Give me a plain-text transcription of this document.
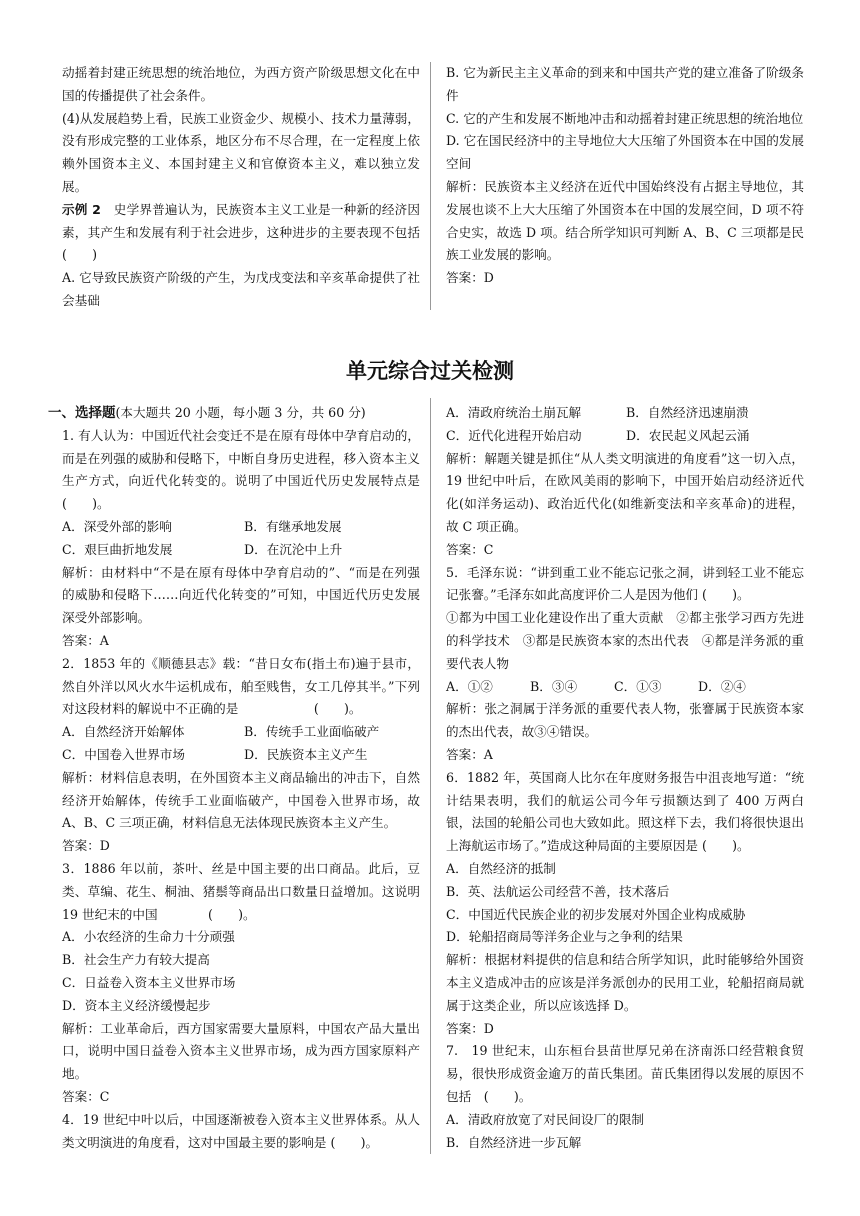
动摇着封建正统思想的统治地位，为西方资产阶级思想文化在中国的传播提供了社会条件。

(4)从发展趋势上看，民族工业资金少、规模小、技术力量薄弱，没有形成完整的工业体系，地区分布不尽合理，在一定程度上依赖外国资本主义、本国封建主义和官僚资本主义，难以独立发展。

示例 2　 史学界普遍认为，民族资本主义工业是一种新的经济因素，其产生和发展有利于社会进步，这种进步的主要表现不包括(　　)

A. 它导致民族资产阶级的产生，为戊戌变法和辛亥革命提供了社会基础

B. 它为新民主主义革命的到来和中国共产党的建立准备了阶级条件

C. 它的产生和发展不断地冲击和动摇着封建正统思想的统治地位

D. 它在国民经济中的主导地位大大压缩了外国资本在中国的发展空间

解析：民族资本主义经济在近代中国始终没有占据主导地位，其发展也谈不上大大压缩了外国资本在中国的发展空间，D 项不符合史实，故选 D 项。结合所学知识可判断 A、B、C 三项都是民族工业发展的影响。

答案：D

单元综合过关检测

一、选择题(本大题共 20 小题，每小题 3 分，共 60 分)

1. 有人认为：中国近代社会变迁不是在原有母体中孕育启动的，而是在列强的威胁和侵略下，中断自身历史进程，移入资本主义生产方式，向近代化转变的。说明了中国近代历史发展特点是　(　　)。

A．深受外部的影响	B．有继承地发展
C．艰巨曲折地发展	D．在沉沦中上升

解析：由材料中“不是在原有母体中孕育启动的”、“而是在列强的威胁和侵略下……向近代化转变的”可知，中国近代历史发展深受外部影响。

答案：A

2．1853 年的《顺德县志》载：“昔日女布(指土布)遍于县市，然自外洋以风火水牛运机成布，舶至贱售，女工几停其半。”下列对这段材料的解说中不正确的是　　　　　　(　　)。

A．自然经济开始解体	B．传统手工业面临破产
C．中国卷入世界市场	D．民族资本主义产生

解析：材料信息表明，在外国资本主义商品输出的冲击下，自然经济开始解体，传统手工业面临破产，中国卷入世界市场，故 A、B、C 三项正确，材料信息无法体现民族资本主义产生。

答案：D

3．1886 年以前，茶叶、丝是中国主要的出口商品。此后，豆类、草编、花生、桐油、猪鬃等商品出口数量日益增加。这说明 19 世纪末的中国　　　　(　　)。

A．小农经济的生命力十分顽强

B．社会生产力有较大提高

C．日益卷入资本主义世界市场

D．资本主义经济缓慢起步

解析：工业革命后，西方国家需要大量原料，中国农产品大量出口，说明中国日益卷入资本主义世界市场，成为西方国家原料产地。

答案：C

4．19 世纪中叶以后，中国逐渐被卷入资本主义世界体系。从人类文明演进的角度看，这对中国最主要的影响是 (　　)。

A．清政府统治土崩瓦解	B．自然经济迅速崩溃
C．近代化进程开始启动	D．农民起义风起云涌

解析：解题关键是抓住“从人类文明演进的角度看”这一切入点，19 世纪中叶后，在欧风美雨的影响下，中国开始启动经济近代化(如洋务运动)、政治近代化(如维新变法和辛亥革命)的进程，故 C 项正确。

答案：C

5．毛泽东说：“讲到重工业不能忘记张之洞，讲到轻工业不能忘记张謇。”毛泽东如此高度评价二人是因为他们 (　　)。

①都为中国工业化建设作出了重大贡献　②都主张学习西方先进的科学技术　③都是民族资本家的杰出代表　④都是洋务派的重要代表人物

A．①②	B．③④	C．①③	D．②④

解析：张之洞属于洋务派的重要代表人物，张謇属于民族资本家的杰出代表，故③④错误。

答案：A

6．1882 年，英国商人比尔在年度财务报告中沮丧地写道：“统计结果表明，我们的航运公司今年亏损额达到了 400 万两白银，法国的轮船公司也大致如此。照这样下去，我们将很快退出上海航运市场了。”造成这种局面的主要原因是 (　　)。

A．自然经济的抵制

B．英、法航运公司经营不善，技术落后

C．中国近代民族企业的初步发展对外国企业构成威胁

D．轮船招商局等洋务企业与之争利的结果

解析：根据材料提供的信息和结合所学知识，此时能够给外国资本主义造成冲击的应该是洋务派创办的民用工业，轮船招商局就属于这类企业，所以应该选择 D。

答案：D

7.　19 世纪末，山东桓台县苗世厚兄弟在济南泺口经营粮食贸易，很快形成资金逾万的苗氏集团。苗氏集团得以发展的原因不包括　(　　)。

A．清政府放宽了对民间设厂的限制

B．自然经济进一步瓦解
